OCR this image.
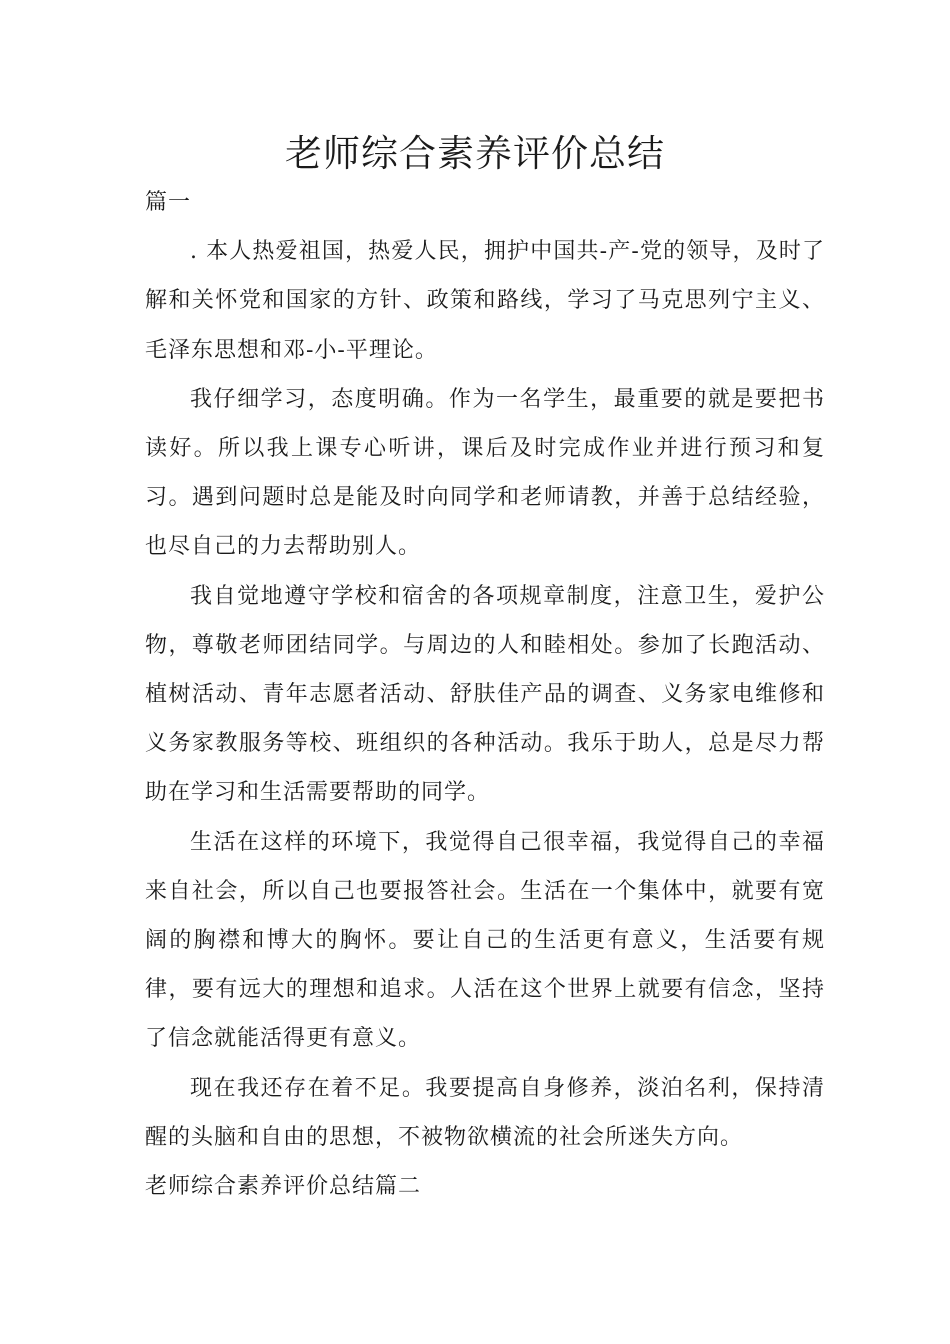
老师综合素养评价总结

篇一

. 本人热爱祖国，热爱人民，拥护中国共-产-党的领导，及时了解和关怀党和国家的方针、政策和路线，学习了马克思列宁主义、毛泽东思想和邓-小-平理论。

我仔细学习，态度明确。作为一名学生，最重要的就是要把书读好。所以我上课专心听讲，课后及时完成作业并进行预习和复习。遇到问题时总是能及时向同学和老师请教，并善于总结经验，也尽自己的力去帮助别人。

我自觉地遵守学校和宿舍的各项规章制度，注意卫生，爱护公物，尊敬老师团结同学。与周边的人和睦相处。参加了长跑活动、植树活动、青年志愿者活动、舒肤佳产品的调查、义务家电维修和义务家教服务等校、班组织的各种活动。我乐于助人，总是尽力帮助在学习和生活需要帮助的同学。

生活在这样的环境下，我觉得自己很幸福，我觉得自己的幸福来自社会，所以自己也要报答社会。生活在一个集体中，就要有宽阔的胸襟和博大的胸怀。要让自己的生活更有意义，生活要有规律，要有远大的理想和追求。人活在这个世界上就要有信念，坚持了信念就能活得更有意义。

现在我还存在着不足。我要提高自身修养，淡泊名利，保持清醒的头脑和自由的思想，不被物欲横流的社会所迷失方向。

老师综合素养评价总结篇二
